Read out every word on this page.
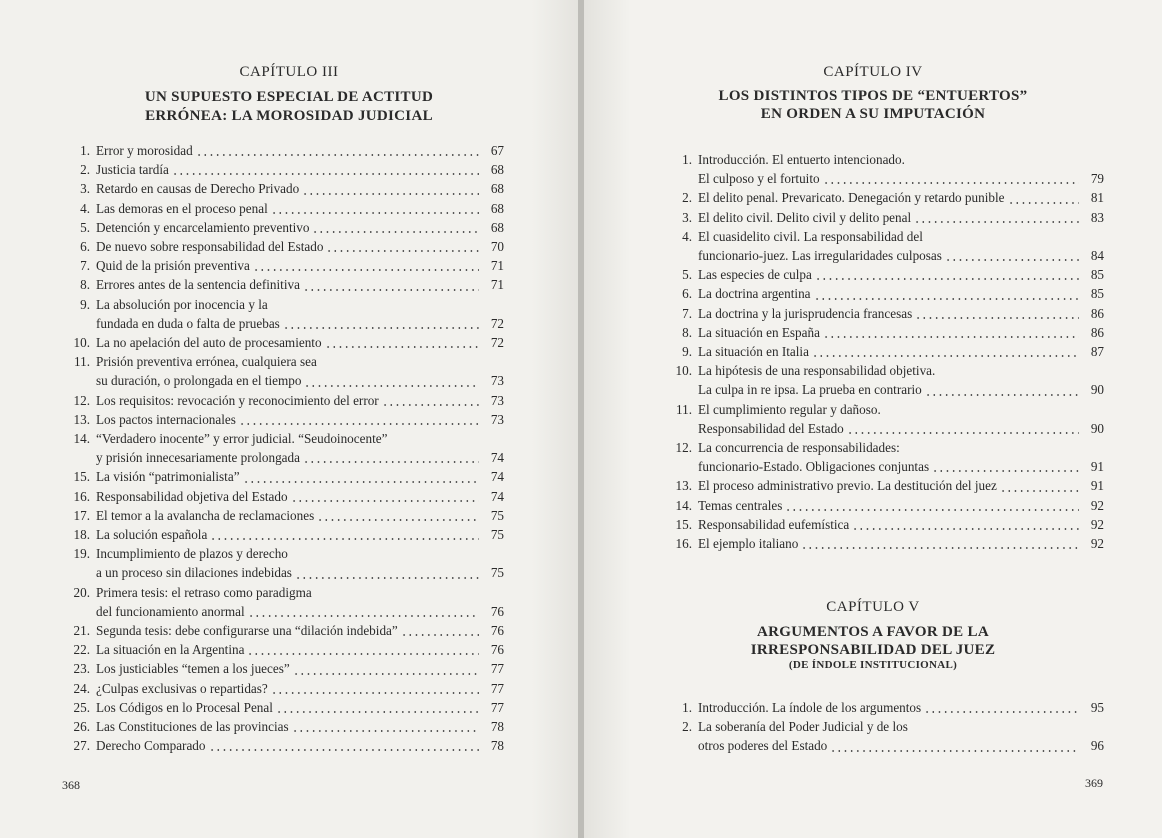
CAPÍTULO III
UN SUPUESTO ESPECIAL DE ACTITUD
ERRÓNEA: LA MOROSIDAD JUDICIAL
1. Error y morosidad	67
2. Justicia tardía	68
3. Retardo en causas de Derecho Privado	68
4. Las demoras en el proceso penal	68
5. Detención y encarcelamiento preventivo	68
6. De nuevo sobre responsabilidad del Estado	70
7. Quid de la prisión preventiva	71
8. Errores antes de la sentencia definitiva	71
9. La absolución por inocencia y la
fundada en duda o falta de pruebas	72
10. La no apelación del auto de procesamiento	72
11. Prisión preventiva errónea, cualquiera sea
su duración, o prolongada en el tiempo	73
12. Los requisitos: revocación y reconocimiento del error	73
13. Los pactos internacionales	73
14. “Verdadero inocente” y error judicial. “Seudoinocente”
y prisión innecesariamente prolongada	74
15. La visión “patrimonialista”	74
16. Responsabilidad objetiva del Estado	74
17. El temor a la avalancha de reclamaciones	75
18. La solución española	75
19. Incumplimiento de plazos y derecho
a un proceso sin dilaciones indebidas	75
20. Primera tesis: el retraso como paradigma
del funcionamiento anormal	76
21. Segunda tesis: debe configurarse una “dilación indebida”	76
22. La situación en la Argentina	76
23. Los justiciables “temen a los jueces”	77
24. ¿Culpas exclusivas o repartidas?	77
25. Los Códigos en lo Procesal Penal	77
26. Las Constituciones de las provincias	78
27. Derecho Comparado	78
368
CAPÍTULO IV
LOS DISTINTOS TIPOS DE “ENTUERTOS”
EN ORDEN A SU IMPUTACIÓN
1. Introducción. El entuerto intencionado.
El culposo y el fortuito	79
2. El delito penal. Prevaricato. Denegación y retardo punible	81
3. El delito civil. Delito civil y delito penal	83
4. El cuasidelito civil. La responsabilidad del
funcionario-juez. Las irregularidades culposas	84
5. Las especies de culpa	85
6. La doctrina argentina	85
7. La doctrina y la jurisprudencia francesas	86
8. La situación en España	86
9. La situación en Italia	87
10. La hipótesis de una responsabilidad objetiva.
La culpa in re ipsa. La prueba en contrario	90
11. El cumplimiento regular y dañoso.
Responsabilidad del Estado	90
12. La concurrencia de responsabilidades:
funcionario-Estado. Obligaciones conjuntas	91
13. El proceso administrativo previo. La destitución del juez	91
14. Temas centrales	92
15. Responsabilidad eufemística	92
16. El ejemplo italiano	92
CAPÍTULO V
ARGUMENTOS A FAVOR DE LA
IRRESPONSABILIDAD DEL JUEZ
(DE ÍNDOLE INSTITUCIONAL)
1. Introducción. La índole de los argumentos	95
2. La soberanía del Poder Judicial y de los
otros poderes del Estado	96
369
